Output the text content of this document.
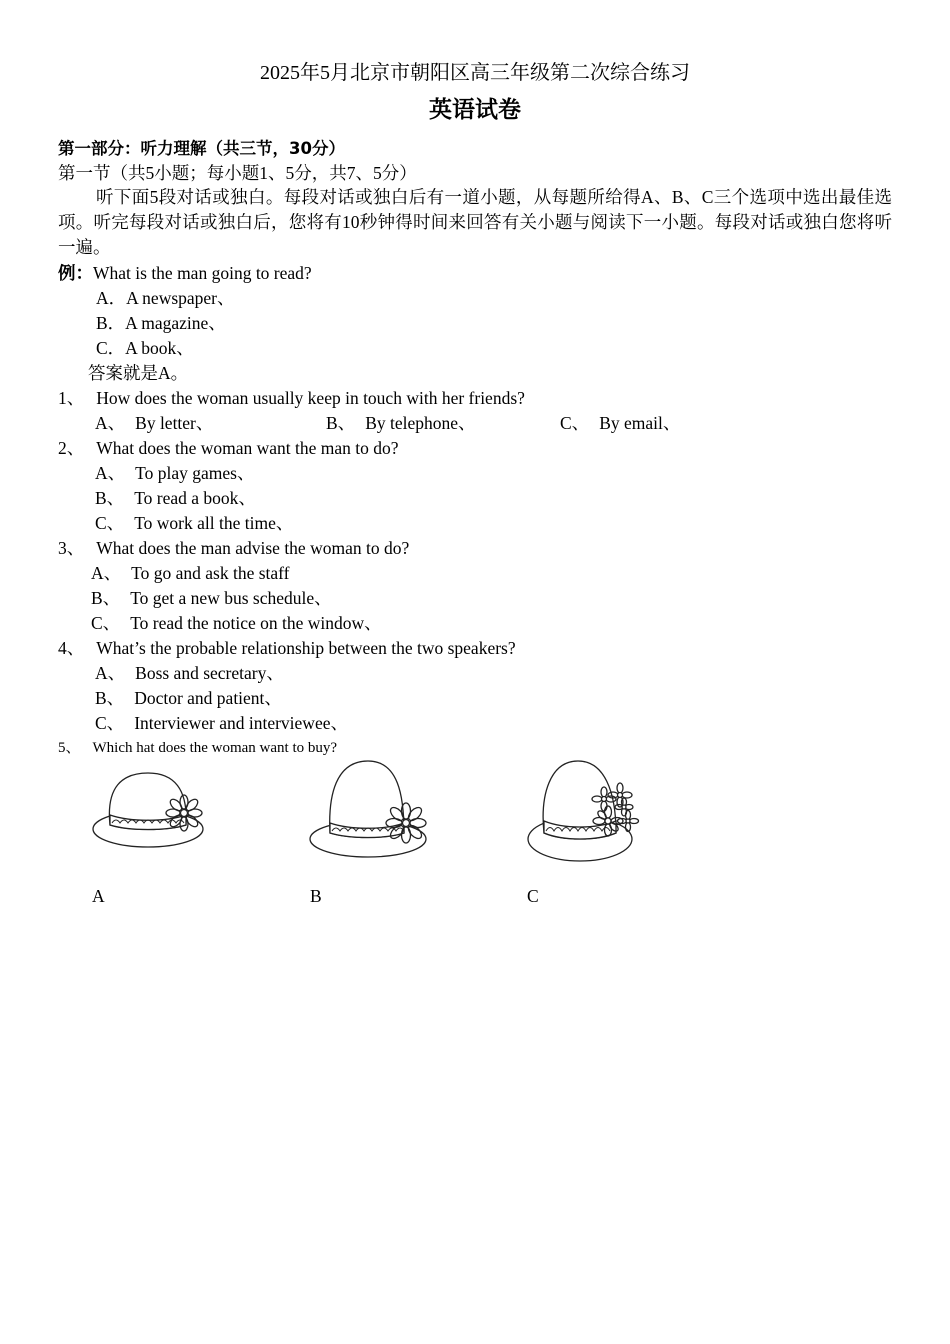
2025年5月北京市朝阳区高三年级第二次综合练习
英语试卷
第一部分：听力理解（共三节，30分）
第一节（共5小题；每小题1、5分，共7、5分）
听下面5段对话或独白。每段对话或独白后有一道小题，从每题所给得A、B、C三个选项中选出最佳选项。听完每段对话或独白后，您将有10秒钟得时间来回答有关小题与阅读下一小题。每段对话或独白您将听一遍。
例：What is the man going to read?
A．A newspaper、
B．A magazine、
C．A book、
答案就是A。
1、 How does the woman usually keep in touch with her friends?
A、 By letter、	B、 By telephone、	C、 By email、
2、 What does the woman want the man to do?
A、 To play games、
B、 To read a book、
C、 To work all the time、
3、 What does the man advise the woman to do?
A、 To go and ask the staff
B、 To get a new bus schedule、
C、 To read the notice on the window、
4、 What’s the probable relationship between the two speakers?
A、 Boss and secretary、
B、 Doctor and patient、
C、 Interviewer and interviewee、
5、 Which hat does the woman want to buy?
A	B	C
